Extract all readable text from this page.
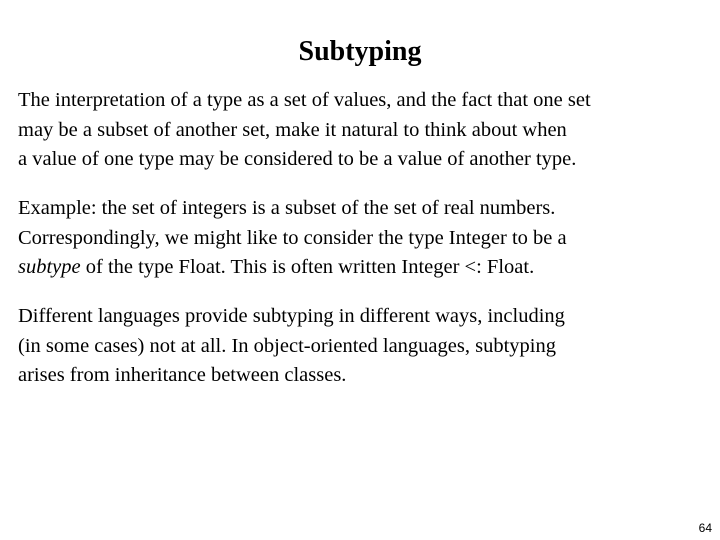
Subtyping

The interpretation of a type as a set of values, and the fact that one set
may be a subset of another set, make it natural to think about when
a value of one type may be considered to be a value of another type.

Example: the set of integers is a subset of the set of real numbers.
Correspondingly, we might like to consider the type Integer to be a
subtype of the type Float. This is often written Integer <: Float.

Different languages provide subtyping in different ways, including
(in some cases) not at all. In object-oriented languages, subtyping
arises from inheritance between classes.

64
